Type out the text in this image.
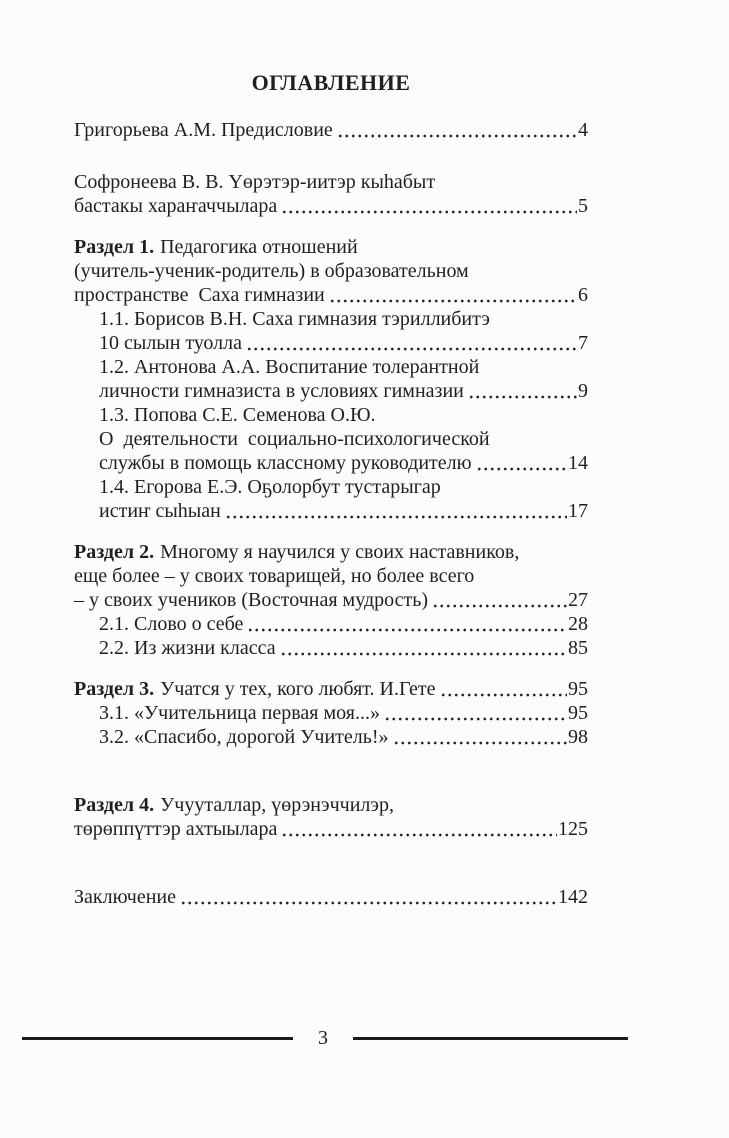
ОГЛАВЛЕНИЕ
Григорьева А.М. Предисловие	4
Софронеева В. В. Үөрэтэр-иитэр кыһабыт
бастакы хараҥаччылара	5
Раздел 1. Педагогика отношений
(учитель-ученик-родитель) в образовательном
пространстве  Саха гимназии	6
1.1. Борисов В.Н. Саха гимназия тэриллибитэ
10 сылын туолла	7
1.2. Антонова А.А. Воспитание толерантной
личности гимназиста в условиях гимназии	9
1.3. Попова С.Е. Семенова О.Ю.
О  деятельности  социально-психологической
службы в помощь классному руководителю	14
1.4. Егорова Е.Э. Оҕолорбут тустарыгар
истиҥ сыһыан	17
Раздел 2. Многому я научился у своих наставников,
еще более – у своих товарищей, но более всего
– у своих учеников (Восточная мудрость)	27
2.1. Слово о себе	28
2.2. Из жизни класса	85
Раздел 3. Учатся у тех, кого любят. И.Гете	95
3.1. «Учительница первая моя...»	95
3.2. «Спасибо, дорогой Учитель!»	98
Раздел 4. Учууталлар, үөрэнэччилэр,
төрөппүттэр ахтыылара	125
Заключение	142
3
